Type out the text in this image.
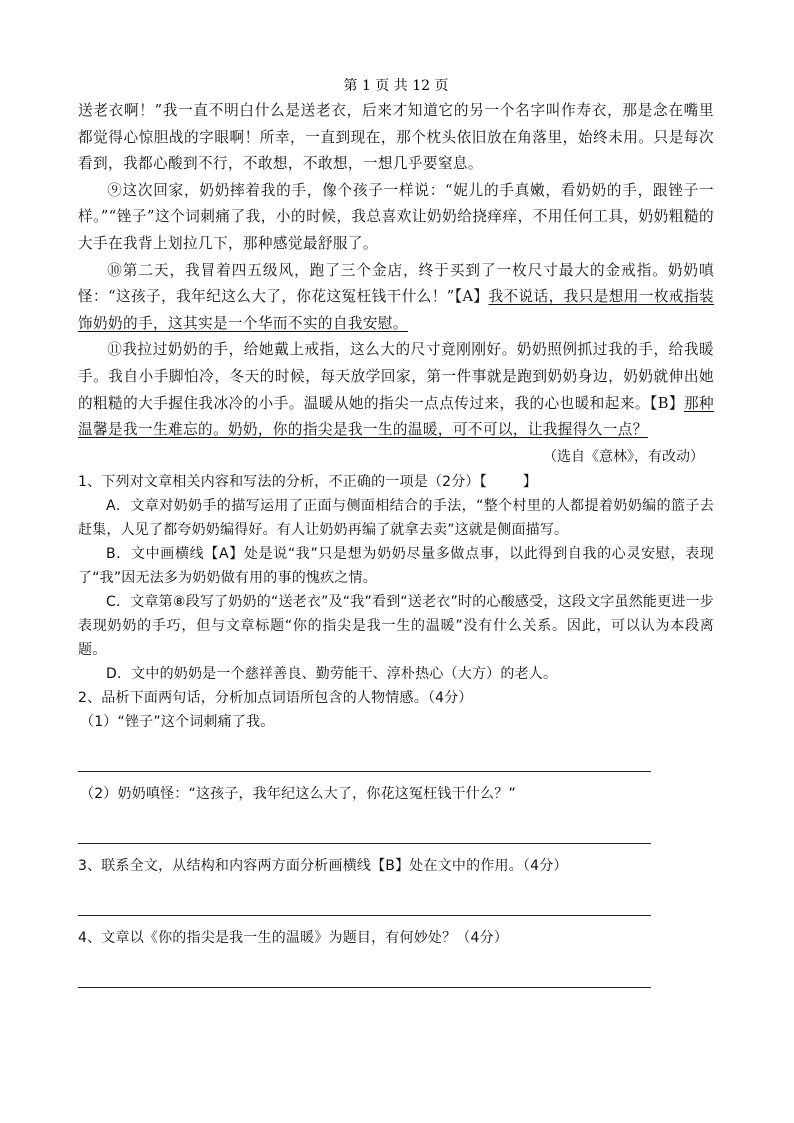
第 1 页 共 12 页

送老衣啊！”我一直不明白什么是送老衣，后来才知道它的另一个名字叫作寿衣，那是念在嘴里都觉得心惊胆战的字眼啊！所幸，一直到现在，那个枕头依旧放在角落里，始终未用。只是每次看到，我都心酸到不行，不敢想，不敢想，一想几乎要窒息。

⑨这次回家，奶奶摔着我的手，像个孩子一样说：“妮儿的手真嫩，看奶奶的手，跟锉子一样。”“锉子”这个词刺痛了我，小的时候，我总喜欢让奶奶给挠痒痒，不用任何工具，奶奶粗糙的大手在我背上划拉几下，那种感觉最舒服了。

⑩第二天，我冒着四五级风，跑了三个金店，终于买到了一枚尺寸最大的金戒指。奶奶嗔怪：“这孩子，我年纪这么大了，你花这冤枉钱干什么！”【A】我不说话，我只是想用一枚戒指装饰奶奶的手，这其实是一个华而不实的自我安慰。

⑪我拉过奶奶的手，给她戴上戒指，这么大的尺寸竟刚刚好。奶奶照例抓过我的手，给我暖手。我自小手脚怕冷，冬天的时候，每天放学回家，第一件事就是跑到奶奶身边，奶奶就伸出她的粗糙的大手握住我冰冷的小手。温暖从她的指尖一点点传过来，我的心也暖和起来。【B】那种温馨是我一生难忘的。奶奶，你的指尖是我一生的温暖，可不可以，让我握得久一点？

（选自《意林》，有改动）

1、下列对文章相关内容和写法的分析，不正确的一项是（2分）【	】

A．文章对奶奶手的描写运用了正面与侧面相结合的手法，“整个村里的人都提着奶奶编的篮子去赶集，人见了都夸奶奶编得好。有人让奶奶再编了就拿去卖”这就是侧面描写。

B．文中画横线【A】处是说“我”只是想为奶奶尽量多做点事，以此得到自我的心灵安慰，表现了“我”因无法多为奶奶做有用的事的愧疚之情。

C．文章第⑧段写了奶奶的“送老衣”及“我”看到“送老衣”时的心酸感受，这段文字虽然能更进一步表现奶奶的手巧，但与文章标题“你的指尖是我一生的温暖”没有什么关系。因此，可以认为本段离题。

D．文中的奶奶是一个慈祥善良、勤劳能干、淳朴热心（大方）的老人。

2、品析下面两句话，分析加点词语所包含的人物情感。（4分）

（1）“锉子”这个词刺痛了我。

（2）奶奶嗔怪：“这孩子，我年纪这么大了，你花这冤枉钱干什么？”

3、联系全文，从结构和内容两方面分析画横线【B】处在文中的作用。（4分）

4、文章以《你的指尖是我一生的温暖》为题目，有何妙处？（4分）
